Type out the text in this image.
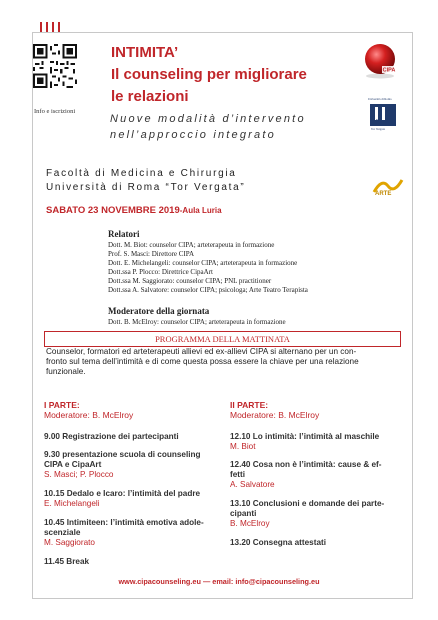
Info e iscrizioni
INTIMITA’
Il counseling per migliorare
le relazioni
Nuove modalità d’intervento
nell’approccio integrato
CIPA
Università di Roma
Tor Vergata
ARTE
Facoltà di Medicina e Chirurgia
Università di Roma “Tor Vergata”
SABATO 23 NOVEMBRE 2019-Aula Luria
Relatori
Dott. M. Biot: counselor CIPA; arteterapeuta in formazione
Prof. S. Masci: Direttore CIPA
Dott. E. Michelangeli: counselor CIPA; arteterapeuta in formazione
Dott.ssa P. Plocco: Direttrice CipaArt
Dott.ssa M. Saggiorato: counselor CIPA; PNL practitioner
Dott.ssa A. Salvatore: counselor CIPA; psicologa; Arte Teatro Terapista
Moderatore della giornata
Dott. B. McElroy: counselor CIPA; arteterapeuta in formazione
PROGRAMMA DELLA MATTINATA
Counselor, formatori ed arteterapeuti allievi ed ex-allievi CIPA si alternano per un con-
fronto sul tema dell’intimità e di come questa possa essere la chiave per una relazione
funzionale.
I PARTE:
Moderatore: B. McElroy
9.00 Registrazione dei partecipanti
9.30 presentazione scuola di counseling
CIPA e CipaArt
S. Masci; P. Plocco
10.15 Dedalo e Icaro: l’intimità del padre
E. Michelangeli
10.45 Intimiteen: l’intimità emotiva adole-
scenziale
M. Saggiorato
11.45 Break
II PARTE:
Moderatore: B. McElroy
12.10 Lo intimità: l’intimità al maschile
M. Biot
12.40 Cosa non è l’intimità: cause & ef-
fetti
A. Salvatore
13.10 Conclusioni e domande dei parte-
cipanti
B. McElroy
13.20 Consegna attestati
www.cipacounseling.eu — email: info@cipacounseling.eu
